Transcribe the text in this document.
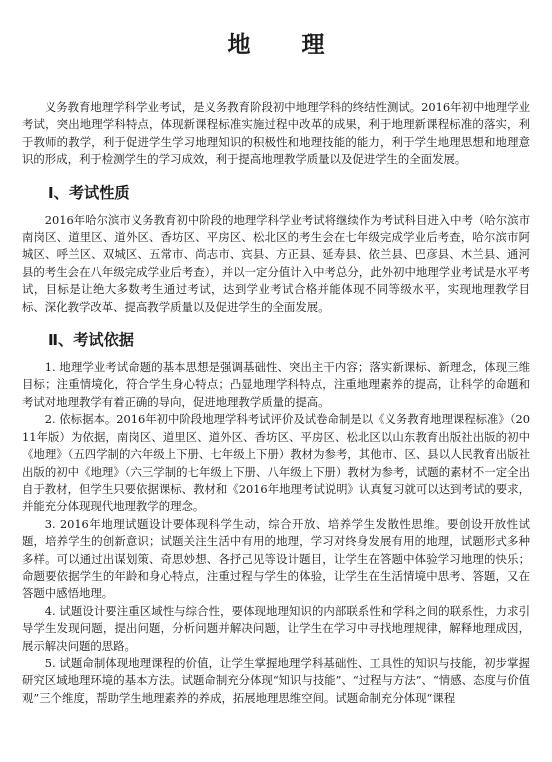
地　理

义务教育地理学科学业考试，是义务教育阶段初中地理学科的终结性测试。2016年初中地理学业考试，突出地理学科特点，体现新课程标准实施过程中改革的成果，利于地理新课程标准的落实，利于教师的教学，利于促进学生学习地理知识的积极性和地理技能的能力，利于学生地理思想和地理意识的形成，利于检测学生的学习成效，利于提高地理教学质量以及促进学生的全面发展。

Ⅰ、考试性质

2016年哈尔滨市义务教育初中阶段的地理学科学业考试将继续作为考试科目进入中考（哈尔滨市南岗区、道里区、道外区、香坊区、平房区、松北区的考生会在七年级完成学业后考查，哈尔滨市阿城区、呼兰区、双城区、五常市、尚志市、宾县、方正县、延寿县、依兰县、巴彦县、木兰县、通河县的考生会在八年级完成学业后考查），并以一定分值计入中考总分，此外初中地理学业考试是水平考试，目标是让绝大多数考生通过考试，达到学业考试合格并能体现不同等级水平，实现地理教学目标、深化教学改革、提高教学质量以及促进学生的全面发展。

Ⅱ、考试依据

1. 地理学业考试命题的基本思想是强调基础性、突出主干内容；落实新课标、新理念，体现三维目标；注重情境化，符合学生身心特点；凸显地理学科特点，注重地理素养的提高，让科学的命题和考试对地理教学有着正确的导向，促进地理教学质量的提高。

2. 依标据本。2016年初中阶段地理学科考试评价及试卷命制是以《义务教育地理课程标准》（2011年版）为依据，南岗区、道里区、道外区、香坊区、平房区、松北区以山东教育出版社出版的初中《地理》（五四学制的六年级上下册、七年级上下册）教材为参考，其他市、区、县以人民教育出版社出版的初中《地理》（六三学制的七年级上下册、八年级上下册）教材为参考，试题的素材不一定全出自于教材，但学生只要依据课标、教材和《2016年地理考试说明》认真复习就可以达到考试的要求，并能充分体现现代地理教学的理念。

3. 2016年地理试题设计要体现科学生动，综合开放、培养学生发散性思维。要创设开放性试题，培养学生的创新意识；试题关注生活中有用的地理，学习对终身发展有用的地理，试题形式多种多样。可以通过出谋划策、奇思妙想、各抒己见等设计题目，让学生在答题中体验学习地理的快乐；命题要依据学生的年龄和身心特点，注重过程与学生的体验，让学生在生活情境中思考、答题，又在答题中感悟地理。

4. 试题设计要注重区域性与综合性，要体现地理知识的内部联系性和学科之间的联系性，力求引导学生发现问题，提出问题，分析问题并解决问题，让学生在学习中寻找地理规律，解释地理成因，展示解决问题的思路。

5. 试题命制体现地理课程的价值，让学生掌握地理学科基础性、工具性的知识与技能，初步掌握研究区域地理环境的基本方法。试题命制充分体现“知识与技能”、“过程与方法”、“情感、态度与价值观”三个维度，帮助学生地理素养的养成，拓展地理思维空间。试题命制充分体现“课程
